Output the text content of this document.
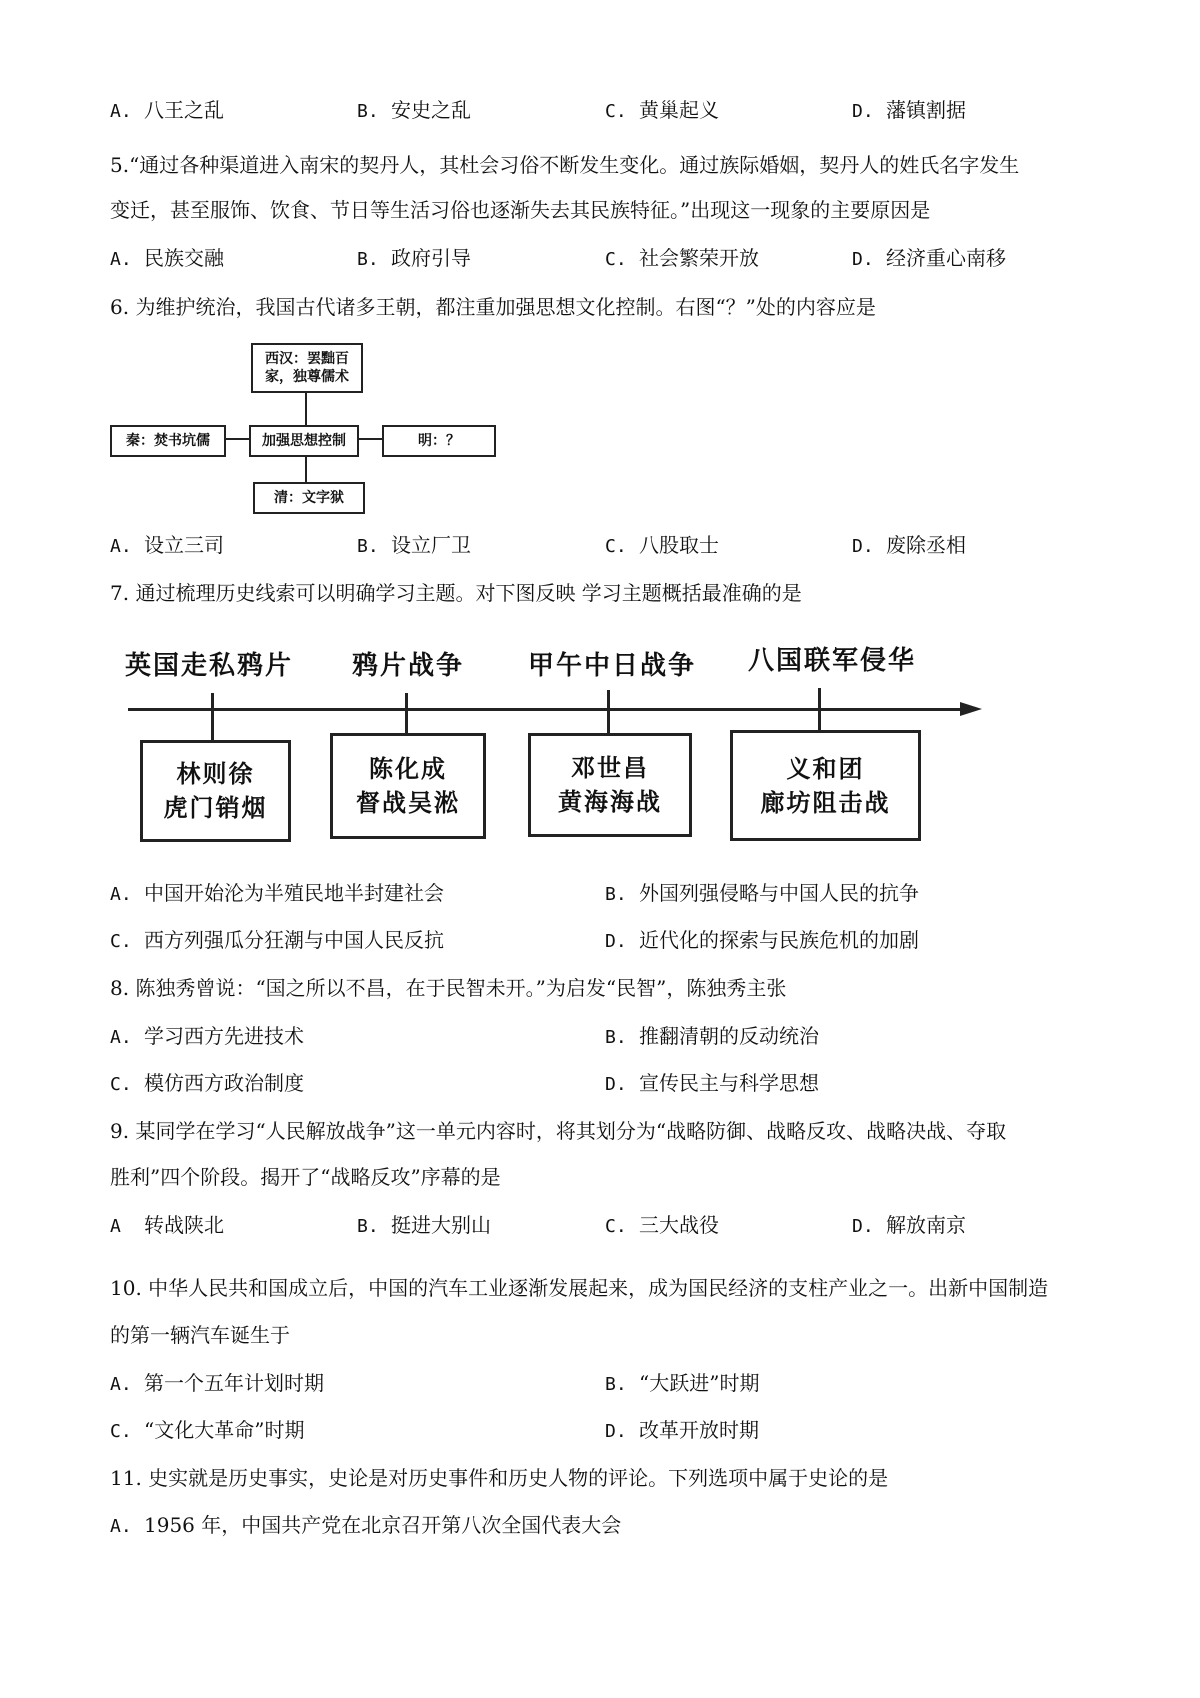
A. 八王之乱	B. 安史之乱	C. 黄巢起义	D. 藩镇割据
5.“通过各种渠道进入南宋的契丹人，其杜会习俗不断发生变化。通过族际婚姻，契丹人的姓氏名字发生
变迁，甚至服饰、饮食、节日等生活习俗也逐渐失去其民族特征。”出现这一现象的主要原因是
A. 民族交融	B. 政府引导	C. 社会繁荣开放	D. 经济重心南移
6. 为维护统治，我国古代诸多王朝，都注重加强思想文化控制。右图“？”处的内容应是
西汉：罢黜百家，独尊儒术
秦：焚书坑儒	加强思想控制	明：？
清：文字狱
A. 设立三司	B. 设立厂卫	C. 八股取士	D. 废除丞相
7. 通过梳理历史线索可以明确学习主题。对下图反映 学习主题概括最准确的是
英国走私鸦片 鸦片战争 甲午中日战争 八国联军侵华
林则徐
虎门销烟
陈化成
督战吴淞
邓世昌
黄海海战
义和团
廊坊阻击战
A. 中国开始沦为半殖民地半封建社会	B. 外国列强侵略与中国人民的抗争
C. 西方列强瓜分狂潮与中国人民反抗	D. 近代化的探索与民族危机的加剧
8. 陈独秀曾说：“国之所以不昌，在于民智未开。”为启发“民智”，陈独秀主张
A. 学习西方先进技术	B. 推翻清朝的反动统治
C. 模仿西方政治制度	D. 宣传民主与科学思想
9. 某同学在学习“人民解放战争”这一单元内容时，将其划分为“战略防御、战略反攻、战略决战、夺取
胜利”四个阶段。揭开了“战略反攻”序幕的是
A 转战陕北	B. 挺进大别山	C. 三大战役	D. 解放南京
10. 中华人民共和国成立后，中国的汽车工业逐渐发展起来，成为国民经济的支柱产业之一。出新中国制造
的第一辆汽车诞生于
A. 第一个五年计划时期	B. “大跃进”时期
C. “文化大革命”时期	D. 改革开放时期
11. 史实就是历史事实，史论是对历史事件和历史人物的评论。下列选项中属于史论的是
A. 1956 年，中国共产党在北京召开第八次全国代表大会
